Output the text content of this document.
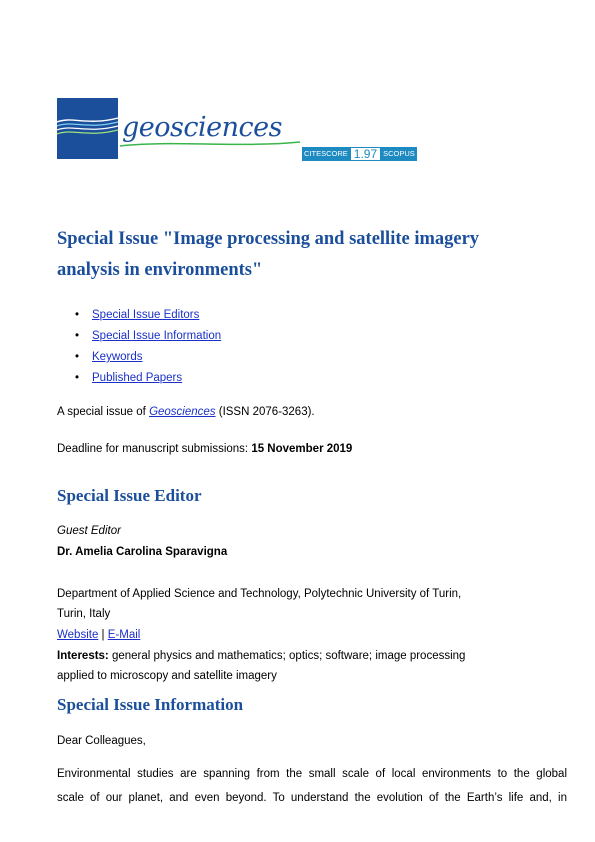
geosciences
CITESCORE 1.97 SCOPUS
Special Issue "Image processing and satellite imagery
analysis in environments"
• Special Issue Editors
• Special Issue Information
• Keywords
• Published Papers

A special issue of Geosciences (ISSN 2076-3263).

Deadline for manuscript submissions: 15 November 2019

Special Issue Editor

Guest Editor

Dr. Amelia Carolina Sparavigna

Department of Applied Science and Technology, Polytechnic University of Turin,

Turin, Italy

Website | E-Mail

Interests: general physics and mathematics; optics; software; image processing

applied to microscopy and satellite imagery

Special Issue Information

Dear Colleagues,

Environmental studies are spanning from the small scale of local environments to the global

scale of our planet, and even beyond. To understand the evolution of the Earth’s life and, in
